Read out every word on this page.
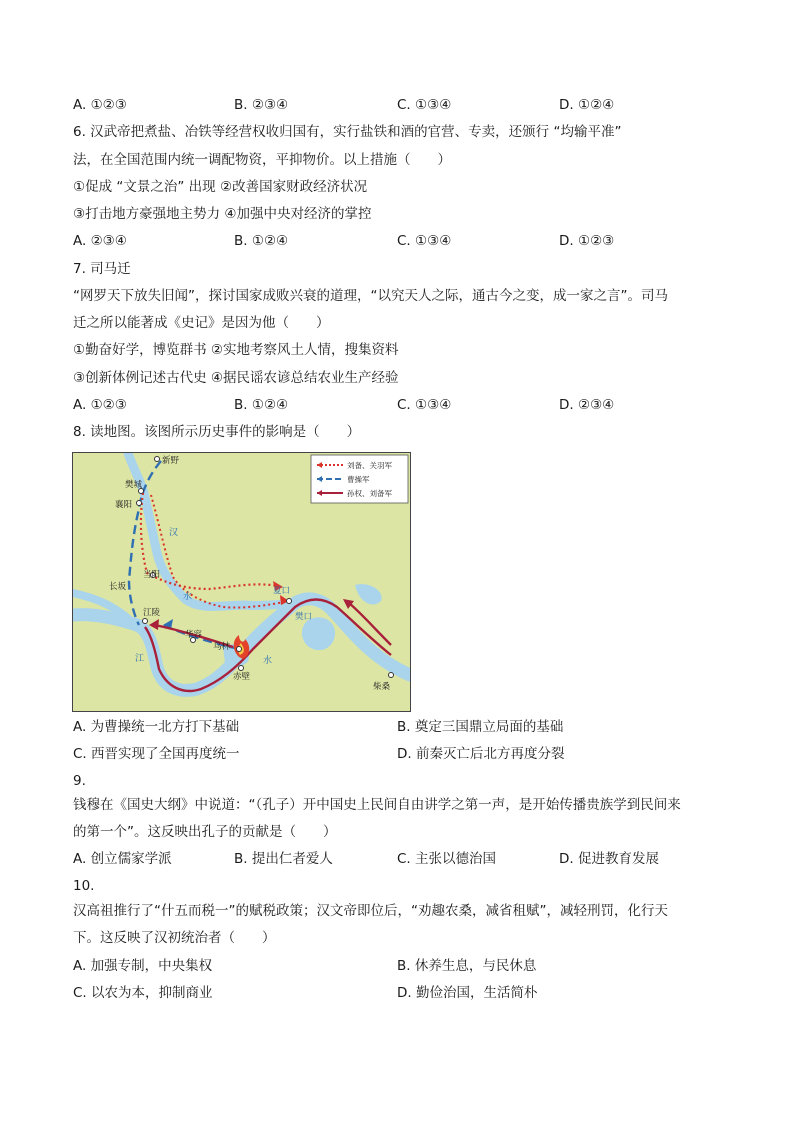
A. ①②③	B. ②③④	C. ①③④	D. ①②④
6. 汉武帝把煮盐、冶铁等经营权收归国有，实行盐铁和酒的官营、专卖，还颁行 “均输平准”
法，在全国范围内统一调配物资，平抑物价。以上措施（　　）
①促成 “文景之治” 出现 ②改善国家财政经济状况
③打击地方豪强地主势力 ④加强中央对经济的掌控
A. ②③④	B. ①②④	C. ①③④	D. ①②③
7. 司马迁
“网罗天下放失旧闻”，探讨国家成败兴衰的道理，“以究天人之际，通古今之变，成一家之言”。司马
迁之所以能著成《史记》是因为他（　　）
①勤奋好学，博览群书 ②实地考察风土人情，搜集资料
③创新体例记述古代史 ④据民谣农谚总结农业生产经验
A. ①②③	B. ①②④	C. ①③④	D. ②③④
8. 读地图。该图所示历史事件的影响是（　　）
刘备、关羽军
曹操军
孙权、刘备军
新野
樊城
襄阳
当阳
长坂
江陵
华容
乌林
赤壁
夏口
樊口
柴桑
汉
水
江	水
A. 为曹操统一北方打下基础	B. 奠定三国鼎立局面的基础
C. 西晋实现了全国再度统一	D. 前秦灭亡后北方再度分裂
9.
钱穆在《国史大纲》中说道：“（孔子）开中国史上民间自由讲学之第一声，是开始传播贵族学到民间来
的第一个”。这反映出孔子的贡献是（　　）
A. 创立儒家学派	B. 提出仁者爱人	C. 主张以德治国	D. 促进教育发展
10.
汉高祖推行了“什五而税一”的赋税政策；汉文帝即位后，“劝趣农桑，减省租赋”，减轻刑罚，化行天
下。这反映了汉初统治者（　　）
A. 加强专制，中央集权	B. 休养生息，与民休息
C. 以农为本，抑制商业	D. 勤俭治国，生活简朴
